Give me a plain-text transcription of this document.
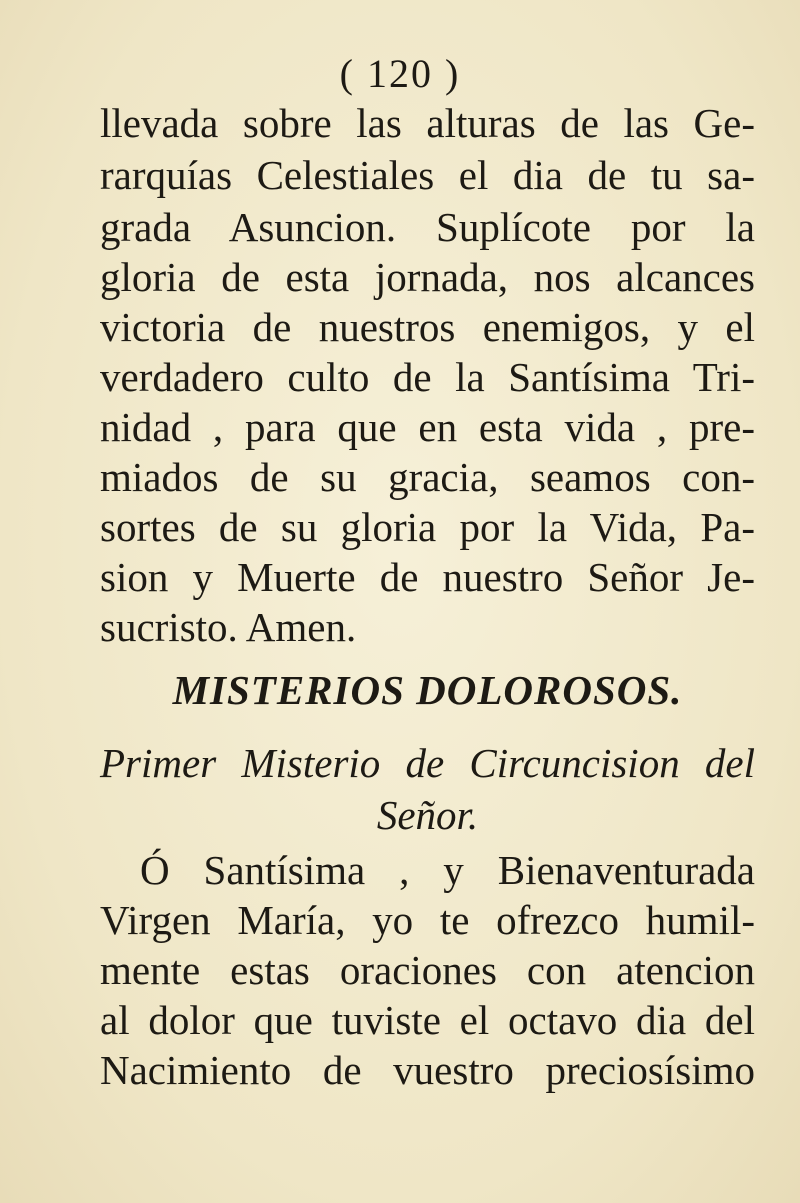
( 120 )
llevada sobre las alturas de las Ge-
rarquías Celestiales el dia de tu sa-
grada Asuncion. Suplícote por la
gloria de esta jornada, nos alcances
victoria de nuestros enemigos, y el
verdadero culto de la Santísima Tri-
nidad , para que en esta vida , pre-
miados de su gracia, seamos con-
sortes de su gloria por la Vida, Pa-
sion y Muerte de nuestro Señor Je-
sucristo. Amen.
MISTERIOS DOLOROSOS.
Primer Misterio de Circuncision del
Señor.
Ó Santísima , y Bienaventurada
Virgen María, yo te ofrezco humil-
mente estas oraciones con atencion
al dolor que tuviste el octavo dia del
Nacimiento de vuestro preciosísimo
